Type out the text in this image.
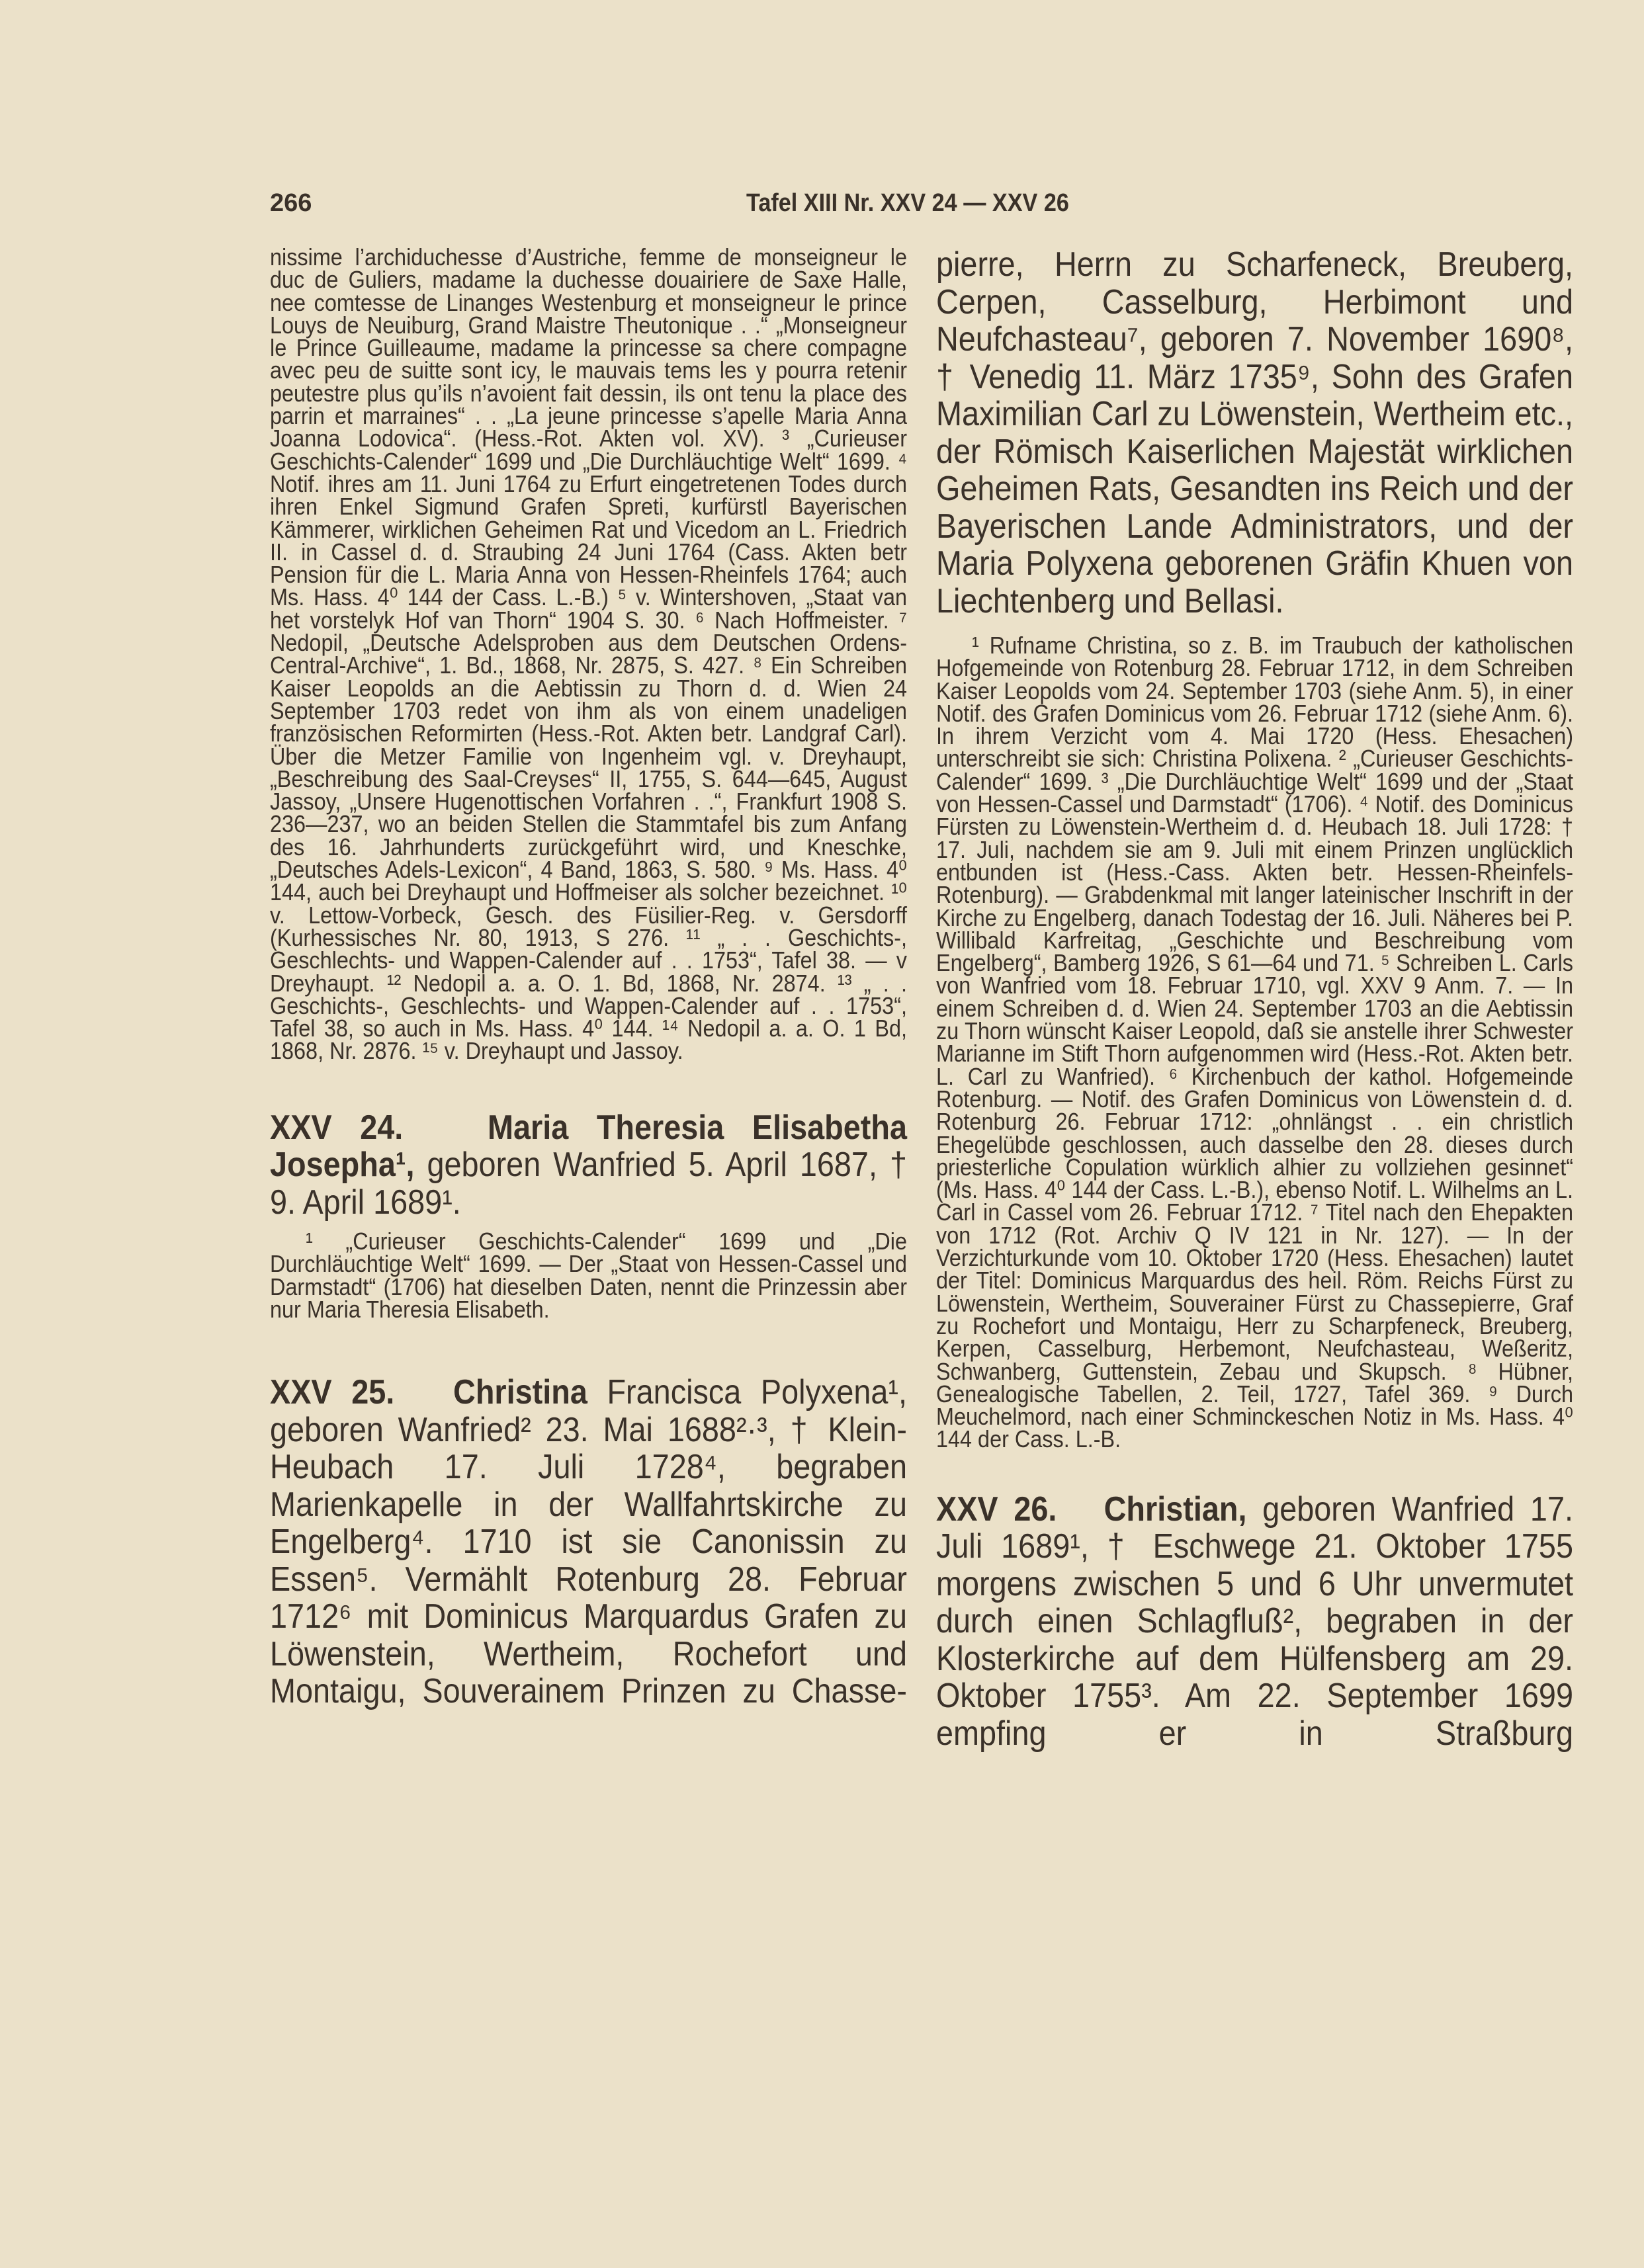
266	Tafel XIII Nr. XXV 24 — XXV 26

nissime l’archiduchesse d’Austriche, femme de monseigneur le duc de Guliers, madame la duchesse douairiere de Saxe Halle, nee comtesse de Linanges Westenburg et monseigneur le prince Louys de Neuiburg, Grand Maistre Theutonique . .“ „Monseigneur le Prince Guilleaume, madame la princesse sa chere compagne avec peu de suitte sont icy, le mauvais tems les y pourra retenir peutestre plus qu’ils n’avoient fait dessin, ils ont tenu la place des parrin et marraines“ . . „La jeune princesse s’apelle Maria Anna Joanna Lodovica“. (Hess.-Rot. Akten vol. XV). ³ „Curieuser Geschichts-Calender“ 1699 und „Die Durchläuchtige Welt“ 1699. ⁴ Notif. ihres am 11. Juni 1764 zu Erfurt eingetretenen Todes durch ihren Enkel Sigmund Grafen Spreti, kurfürstl Bayerischen Kämmerer, wirklichen Geheimen Rat und Vicedom an L. Friedrich II. in Cassel d. d. Straubing 24 Juni 1764 (Cass. Akten betr Pension für die L. Maria Anna von Hessen-Rheinfels 1764; auch Ms. Hass. 4⁰ 144 der Cass. L.-B.) ⁵ v. Wintershoven, „Staat van het vorstelyk Hof van Thorn“ 1904 S. 30. ⁶ Nach Hoffmeister. ⁷ Nedopil, „Deutsche Adelsproben aus dem Deutschen Ordens-Central-Archive“, 1. Bd., 1868, Nr. 2875, S. 427. ⁸ Ein Schreiben Kaiser Leopolds an die Aebtissin zu Thorn d. d. Wien 24 September 1703 redet von ihm als von einem unadeligen französischen Reformirten (Hess.-Rot. Akten betr. Landgraf Carl). Über die Metzer Familie von Ingenheim vgl. v. Dreyhaupt, „Beschreibung des Saal-Creyses“ II, 1755, S. 644—645, August Jassoy, „Unsere Hugenottischen Vorfahren . .“, Frankfurt 1908 S. 236—237, wo an beiden Stellen die Stammtafel bis zum Anfang des 16. Jahrhunderts zurückgeführt wird, und Kneschke, „Deutsches Adels-Lexicon“, 4 Band, 1863, S. 580. ⁹ Ms. Hass. 4⁰ 144, auch bei Dreyhaupt und Hoffmeiser als solcher bezeichnet. ¹⁰ v. Lettow-Vorbeck, Gesch. des Füsilier-Reg. v. Gersdorff (Kurhessisches Nr. 80, 1913, S 276. ¹¹ „ . . Geschichts-, Geschlechts- und Wappen-Calender auf . . 1753“, Tafel 38. — v Dreyhaupt. ¹² Nedopil a. a. O. 1. Bd, 1868, Nr. 2874. ¹³ „ . . Geschichts-, Geschlechts- und Wappen-Calender auf . . 1753“, Tafel 38, so auch in Ms. Hass. 4⁰ 144. ¹⁴ Nedopil a. a. O. 1 Bd, 1868, Nr. 2876. ¹⁵ v. Dreyhaupt und Jassoy.

XXV 24. Maria Theresia Elisabetha Josepha¹, geboren Wanfried 5. April 1687, † 9. April 1689¹.

¹ „Curieuser Geschichts-Calender“ 1699 und „Die Durchläuchtige Welt“ 1699. — Der „Staat von Hessen-Cassel und Darmstadt“ (1706) hat dieselben Daten, nennt die Prinzessin aber nur Maria Theresia Elisabeth.

XXV 25. Christina Francisca Polyxena¹, geboren Wanfried² 23. Mai 1688²·³, † Klein-Heubach 17. Juli 1728⁴, begraben Marienkapelle in der Wallfahrtskirche zu Engelberg⁴. 1710 ist sie Canonissin zu Essen⁵. Vermählt Rotenburg 28. Februar 1712⁶ mit Dominicus Marquardus Grafen zu Löwenstein, Wertheim, Rochefort und Montaigu, Souverainem Prinzen zu Chasse-

pierre, Herrn zu Scharfeneck, Breuberg, Cerpen, Casselburg, Herbimont und Neufchasteau⁷, geboren 7. November 1690⁸, † Venedig 11. März 1735⁹, Sohn des Grafen Maximilian Carl zu Löwenstein, Wertheim etc., der Römisch Kaiserlichen Majestät wirklichen Geheimen Rats, Gesandten ins Reich und der Bayerischen Lande Administrators, und der Maria Polyxena geborenen Gräfin Khuen von Liechtenberg und Bellasi.

¹ Rufname Christina, so z. B. im Traubuch der katholischen Hofgemeinde von Rotenburg 28. Februar 1712, in dem Schreiben Kaiser Leopolds vom 24. September 1703 (siehe Anm. 5), in einer Notif. des Grafen Dominicus vom 26. Februar 1712 (siehe Anm. 6). In ihrem Verzicht vom 4. Mai 1720 (Hess. Ehesachen) unterschreibt sie sich: Christina Polixena. ² „Curieuser Geschichts-Calender“ 1699. ³ „Die Durchläuchtige Welt“ 1699 und der „Staat von Hessen-Cassel und Darmstadt“ (1706). ⁴ Notif. des Dominicus Fürsten zu Löwenstein-Wertheim d. d. Heubach 18. Juli 1728: † 17. Juli, nachdem sie am 9. Juli mit einem Prinzen unglücklich entbunden ist (Hess.-Cass. Akten betr. Hessen-Rheinfels-Rotenburg). — Grabdenkmal mit langer lateinischer Inschrift in der Kirche zu Engelberg, danach Todestag der 16. Juli. Näheres bei P. Willibald Karfreitag, „Geschichte und Beschreibung vom Engelberg“, Bamberg 1926, S 61—64 und 71. ⁵ Schreiben L. Carls von Wanfried vom 18. Februar 1710, vgl. XXV 9 Anm. 7. — In einem Schreiben d. d. Wien 24. September 1703 an die Aebtissin zu Thorn wünscht Kaiser Leopold, daß sie anstelle ihrer Schwester Marianne im Stift Thorn aufgenommen wird (Hess.-Rot. Akten betr. L. Carl zu Wanfried). ⁶ Kirchenbuch der kathol. Hofgemeinde Rotenburg. — Notif. des Grafen Dominicus von Löwenstein d. d. Rotenburg 26. Februar 1712: „ohnlängst . . ein christlich Ehegelübde geschlossen, auch dasselbe den 28. dieses durch priesterliche Copulation würklich alhier zu vollziehen gesinnet“ (Ms. Hass. 4⁰ 144 der Cass. L.-B.), ebenso Notif. L. Wilhelms an L. Carl in Cassel vom 26. Februar 1712. ⁷ Titel nach den Ehepakten von 1712 (Rot. Archiv Q IV 121 in Nr. 127). — In der Verzichturkunde vom 10. Oktober 1720 (Hess. Ehesachen) lautet der Titel: Dominicus Marquardus des heil. Röm. Reichs Fürst zu Löwenstein, Wertheim, Souverainer Fürst zu Chassepierre, Graf zu Rochefort und Montaigu, Herr zu Scharpfeneck, Breuberg, Kerpen, Casselburg, Herbemont, Neufchasteau, Weßeritz, Schwanberg, Guttenstein, Zebau und Skupsch. ⁸ Hübner, Genealogische Tabellen, 2. Teil, 1727, Tafel 369. ⁹ Durch Meuchelmord, nach einer Schminckeschen Notiz in Ms. Hass. 4⁰ 144 der Cass. L.-B.

XXV 26. Christian, geboren Wanfried 17. Juli 1689¹, † Eschwege 21. Oktober 1755 morgens zwischen 5 und 6 Uhr unvermutet durch einen Schlagfluß², begraben in der Klosterkirche auf dem Hülfensberg am 29. Oktober 1755³. Am 22. September 1699 empfing er in Straßburg
